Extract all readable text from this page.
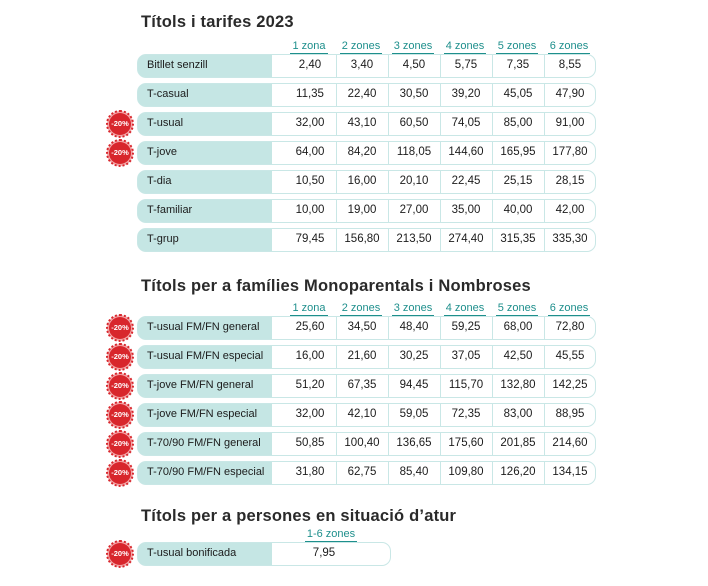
Títols i tarifes 2023
1 zona	2 zones	3 zones	4 zones	5 zones	6 zones
Bitllet senzill	2,40	3,40	4,50	5,75	7,35	8,55
T-casual	11,35	22,40	30,50	39,20	45,05	47,90
-20%	T-usual	32,00	43,10	60,50	74,05	85,00	91,00
-20%	T-jove	64,00	84,20	118,05	144,60	165,95	177,80
T-dia	10,50	16,00	20,10	22,45	25,15	28,15
T-familiar	10,00	19,00	27,00	35,00	40,00	42,00
T-grup	79,45	156,80	213,50	274,40	315,35	335,30
Títols per a famílies Monoparentals i Nombroses
1 zona	2 zones	3 zones	4 zones	5 zones	6 zones
-20%	T-usual FM/FN general	25,60	34,50	48,40	59,25	68,00	72,80
-20%	T-usual FM/FN especial	16,00	21,60	30,25	37,05	42,50	45,55
-20%	T-jove FM/FN general	51,20	67,35	94,45	115,70	132,80	142,25
-20%	T-jove FM/FN especial	32,00	42,10	59,05	72,35	83,00	88,95
-20%	T-70/90 FM/FN general	50,85	100,40	136,65	175,60	201,85	214,60
-20%	T-70/90 FM/FN especial	31,80	62,75	85,40	109,80	126,20	134,15
Títols per a persones en situació d’atur
1-6 zones
-20%	T-usual bonificada	7,95
